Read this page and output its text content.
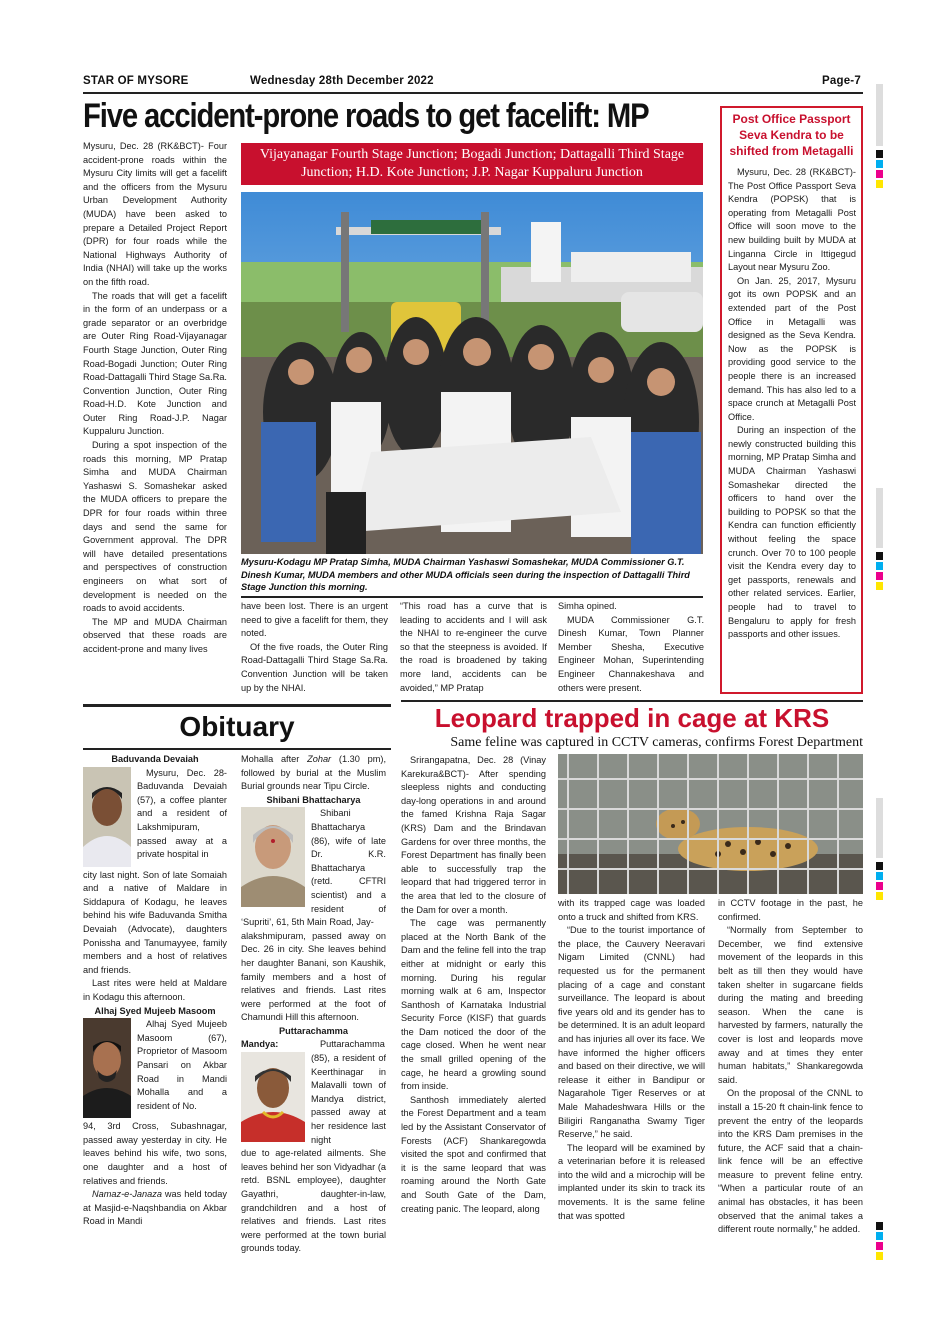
STAR OF MYSORE	Wednesday 28th December 2022	Page-7
Five accident-prone roads to get facelift: MP
Vijayanagar Fourth Stage Junction; Bogadi Junction; Dattagalli Third Stage Junction; H.D. Kote Junction; J.P. Nagar Kuppaluru Junction

Mysuru, Dec. 28 (RK&BCT)- Four accident-prone roads within the Mysuru City limits will get a facelift and the officers from the Mysuru Urban Development Authority (MUDA) have been asked to prepare a Detailed Project Report (DPR) for four roads while the National Highways Authority of India (NHAI) will take up the works on the fifth road.

The roads that will get a facelift in the form of an underpass or a grade separator or an overbridge are Outer Ring Road-Vijayanagar Fourth Stage Junction, Outer Ring Road-Bogadi Junction; Outer Ring Road-Dattagalli Third Stage Sa.Ra. Convention Junction, Outer Ring Road-H.D. Kote Junction and Outer Ring Road-J.P. Nagar Kuppaluru Junction.

During a spot inspection of the roads this morning, MP Pratap Simha and MUDA Chairman Yashaswi S. Somashekar asked the MUDA officers to prepare the DPR for four roads within three days and send the same for Government approval. The DPR will have detailed presentations and perspectives of construction engineers on what sort of development is needed on the roads to avoid accidents.

The MP and MUDA Chairman observed that these roads are accident-prone and many lives

Mysuru-Kodagu MP Pratap Simha, MUDA Chairman Yashaswi Somashekar, MUDA Commissioner G.T. Dinesh Kumar, MUDA members and other MUDA officials seen during the inspection of Dattagalli Third Stage Junction this morning.

have been lost. There is an urgent need to give a facelift for them, they noted.

Of the five roads, the Outer Ring Road-Dattagalli Third Stage Sa.Ra. Convention Junction will be taken up by the NHAI.

“This road has a curve that is leading to accidents and I will ask the NHAI to re-engineer the curve so that the steepness is avoided. If the road is broadened by taking more land, accidents can be avoided,” MP Pratap

Simha opined.

MUDA Commissioner G.T. Dinesh Kumar, Town Planner Member Shesha, Executive Engineer Mohan, Superintending Engineer Channakeshava and others were present.

Post Office Passport Seva Kendra to be shifted from Metagalli

Mysuru, Dec. 28 (RK&BCT)- The Post Office Passport Seva Kendra (POPSK) that is operating from Metagalli Post Office will soon move to the new building built by MUDA at Linganna Circle in Ittigegud Layout near Mysuru Zoo.

On Jan. 25, 2017, Mysuru got its own POPSK and an extended part of the Post Office in Metagalli was designed as the Seva Kendra. Now as the POPSK is providing good service to the people there is an increased demand. This has also led to a space crunch at Metagalli Post Office.

During an inspection of the newly constructed building this morning, MP Pratap Simha and MUDA Chairman Yashaswi Somashekar directed the officers to hand over the building to POPSK so that the Kendra can function efficiently without feeling the space crunch. Over 70 to 100 people visit the Kendra every day to get passports, renewals and other related services. Earlier, people had to travel to Bengaluru to apply for fresh passports and other issues.

Obituary

Baduvanda Devaiah

Mysuru, Dec. 28- Baduvanda Devaiah (57), a coffee planter and a resident of Lakshmipuram, passed away at a private hospital in

city last night. Son of late Somaiah and a native of Maldare in Siddapura of Kodagu, he leaves behind his wife Baduvanda Smitha Devaiah (Advocate), daughters Ponissha and Tanumayyee, family members and a host of relatives and friends.

Last rites were held at Maldare in Kodagu this afternoon.

Alhaj Syed Mujeeb Masoom

Alhaj Syed Mujeeb Masoom (67), Proprietor of Masoom Pansari on Akbar Road in Mandi Mohalla and a resident of No.

94, 3rd Cross, Subashnagar, passed away yesterday in city. He leaves behind his wife, two sons, one daughter and a host of relatives and friends.

Namaz-e-Janaza was held today at Masjid-e-Naqshbandia on Akbar Road in Mandi

Mohalla after Zohar (1.30 pm), followed by burial at the Muslim Burial grounds near Tipu Circle.

Shibani Bhattacharya

Shibani Bhattacharya (86), wife of late Dr. K.R. Bhattacharya (retd. CFTRI scientist) and a resident of ‘Supriti’, 61, 5th Main Road, Jay-

alakshmipuram, passed away on Dec. 26 in city. She leaves behind her daughter Banani, son Kaushik, family members and a host of relatives and friends. Last rites were performed at the foot of Chamundi Hill this afternoon.

Puttarachamma

Mandya:	Puttarachamma (85), a resident of Keerthinagar in Malavalli town of Mandya district, passed away at her residence last night

due to age-related ailments. She leaves behind her son Vidyadhar (a retd. BSNL employee), daughter Gayathri, daughter-in-law, grandchildren and a host of relatives and friends. Last rites were performed at the town burial grounds today.

Leopard trapped in cage at KRS
Same feline was captured in CCTV cameras, confirms Forest Department

Srirangapatna, Dec. 28 (Vinay Karekura&BCT)- After spending sleepless nights and conducting day-long operations in and around the famed Krishna Raja Sagar (KRS) Dam and the Brindavan Gardens for over three months, the Forest Department has finally been able to successfully trap the leopard that had triggered terror in the area that led to the closure of the Dam for over a month.

The cage was permanently placed at the North Bank of the Dam and the feline fell into the trap either at midnight or early this morning. During his regular morning walk at 6 am, Inspector Santhosh of Karnataka Industrial Security Force (KISF) that guards the Dam noticed the door of the cage closed. When he went near the small grilled opening of the cage, he heard a growling sound from inside.

Santhosh immediately alerted the Forest Department and a team led by the Assistant Conservator of Forests (ACF) Shankaregowda visited the spot and confirmed that it is the same leopard that was roaming around the North Gate and South Gate of the Dam, creating panic. The leopard, along

with its trapped cage was loaded onto a truck and shifted from KRS.

“Due to the tourist importance of the place, the Cauvery Neeravari Nigam Limited (CNNL) had requested us for the permanent placing of a cage and constant surveillance. The leopard is about five years old and its gender has to be determined. It is an adult leopard and has injuries all over its face. We have informed the higher officers and based on their directive, we will release it either in Bandipur or Nagarahole Tiger Reserves or at Male Mahadeshwara Hills or the Biligiri Ranganatha Swamy Tiger Reserve,” he said.

The leopard will be examined by a veterinarian before it is released into the wild and a microchip will be implanted under its skin to track its movements. It is the same feline that was spotted

in CCTV footage in the past, he confirmed.

“Normally from September to December, we find extensive movement of the leopards in this belt as till then they would have taken shelter in sugarcane fields during the mating and breeding season. When the cane is harvested by farmers, naturally the cover is lost and leopards move away and at times they enter human habitats,” Shankaregowda said.

On the proposal of the CNNL to install a 15-20 ft chain-link fence to prevent the entry of the leopards into the KRS Dam premises in the future, the ACF said that a chain-link fence will be an effective measure to prevent feline entry. “When a particular route of an animal has obstacles, it has been observed that the animal takes a different route normally,” he added.
